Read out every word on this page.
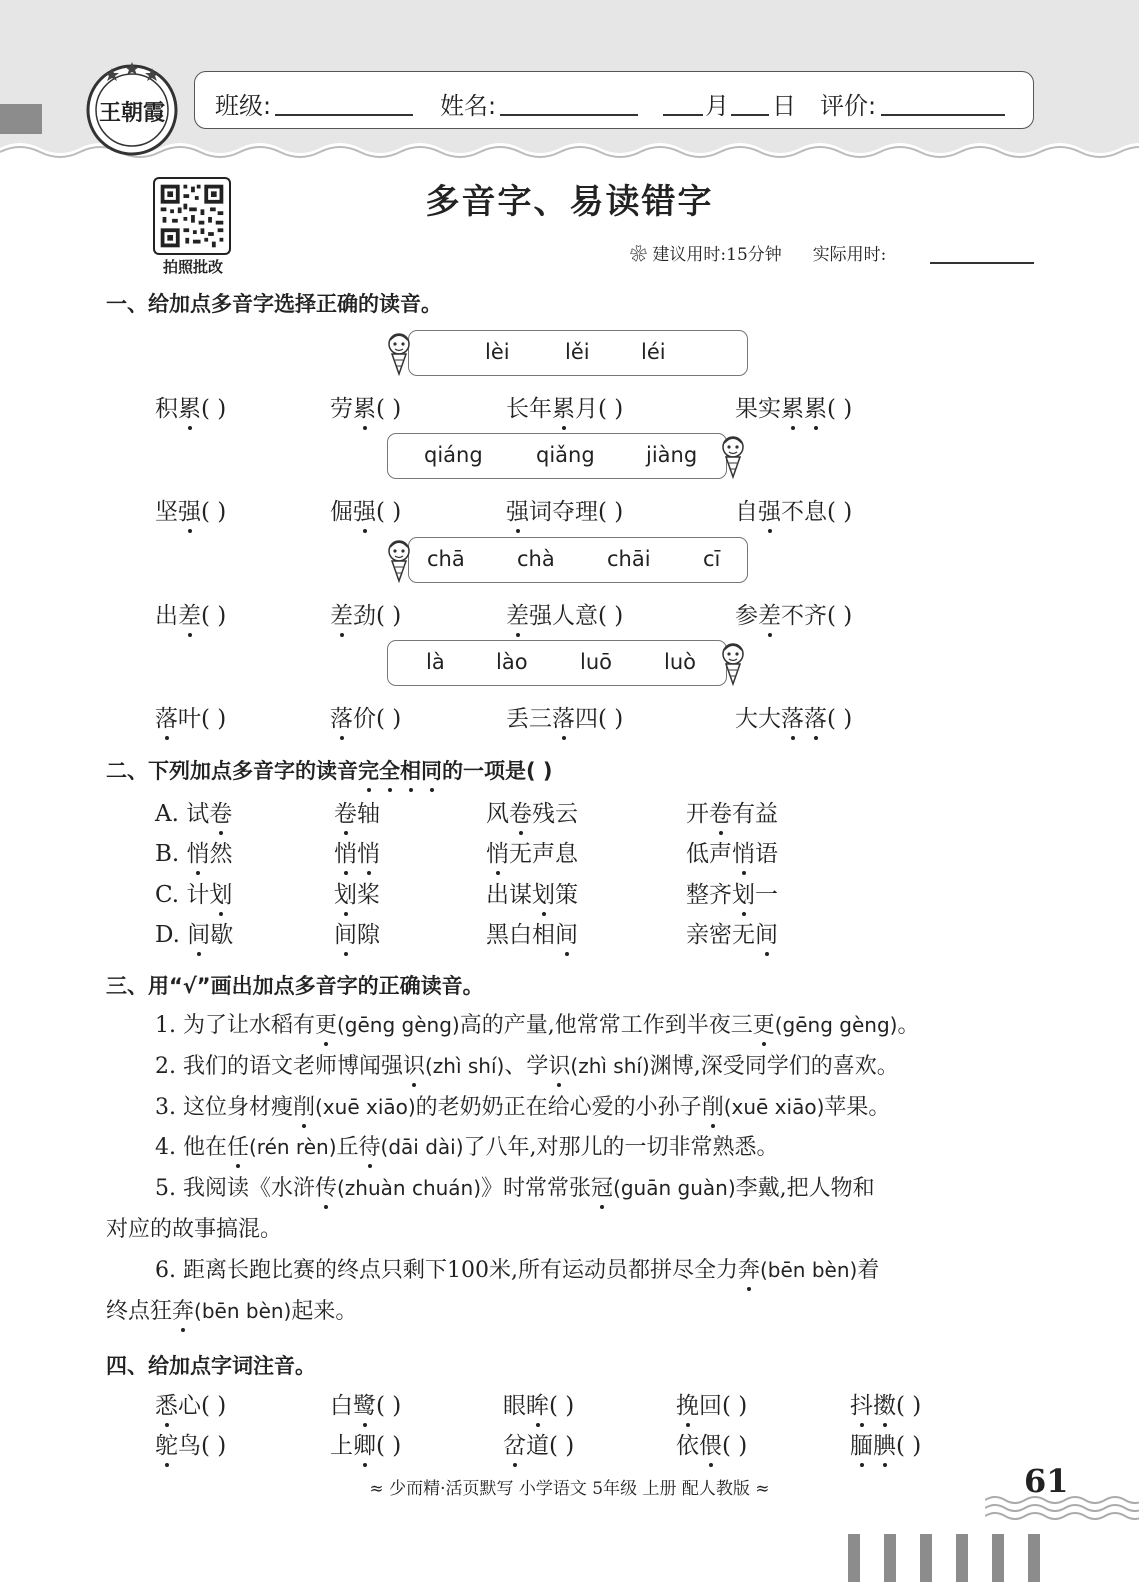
王朝霞 班级:	姓名:	月 日 评价:
拍照批改
多音字、易读错字
❀ 建议用时:15分钟 实际用时:
一、给加点多音字选择正确的读音。
lèi	lěi léi
积累( )	劳累( )	长年累月( )	果实累累( )
qiáng	qiǎng jiàng
坚强( )	倔强( )	强词夺理( )	自强不息( )
chā chà chāi cī
出差( )	差劲( )	差强人意( )	参差不齐( )
là lào luō luò
落叶( )	落价( )	丢三落四( )	大大落落( )
二、下列加点多音字的读音完全相同的一项是( )
A. 试卷	卷轴	风卷残云	开卷有益
B. 悄然	悄悄	悄无声息	低声悄语
C. 计划	划桨	出谋划策	整齐划一
D. 间歇	间隙	黑白相间	亲密无间
三、用“√”画出加点多音字的正确读音。
1. 为了让水稻有更(gēng gèng)高的产量,他常常工作到半夜三更(gēng gèng)。
2. 我们的语文老师博闻强识(zhì shí)、学识(zhì shí)渊博,深受同学们的喜欢。
3. 这位身材瘦削(xuē xiāo)的老奶奶正在给心爱的小孙子削(xuē xiāo)苹果。
4. 他在任(rén rèn)丘待(dāi dài)了八年,对那儿的一切非常熟悉。
5. 我阅读《水浒传(zhuàn chuán)》时常常张冠(guān guàn)李戴,把人物和
对应的故事搞混。
6. 距离长跑比赛的终点只剩下100米,所有运动员都拼尽全力奔(bēn bèn)着
终点狂奔(bēn bèn)起来。
四、给加点字词注音。
悉心( )	白鹭( )	眼眸( )	挽回( )	抖擞( )
鸵鸟( )	上卿( )	岔道( )	依偎( )	腼腆( )
≈ 少而精·活页默写 小学语文 5年级 上册 配人教版 ≈	61
